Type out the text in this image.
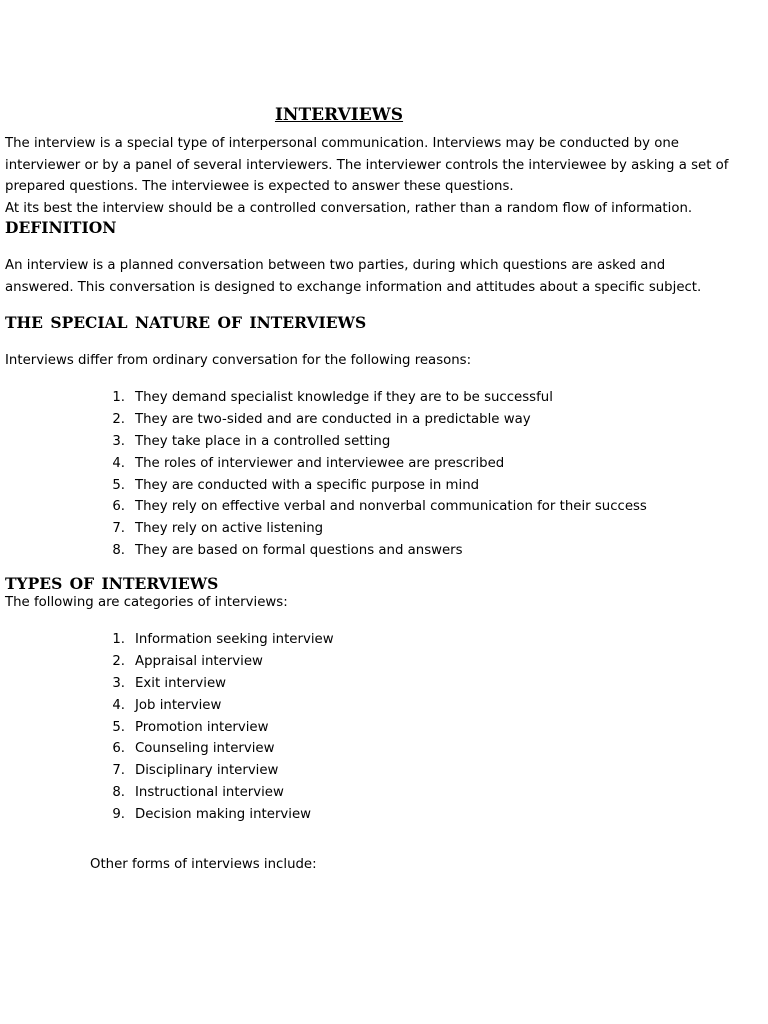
INTERVIEWS

The interview is a special type of interpersonal communication. Interviews may be conducted by one
interviewer or by a panel of several interviewers. The interviewer controls the interviewee by asking a set of
prepared questions. The interviewee is expected to answer these questions.
At its best the interview should be a controlled conversation, rather than a random flow of information.

DEFINITION

An interview is a planned conversation between two parties, during which questions are asked and
answered. This conversation is designed to exchange information and attitudes about a specific subject.

THE SPECIAL NATURE OF INTERVIEWS

Interviews differ from ordinary conversation for the following reasons:

1. They demand specialist knowledge if they are to be successful
2. They are two-sided and are conducted in a predictable way
3. They take place in a controlled setting
4. The roles of interviewer and interviewee are prescribed
5. They are conducted with a specific purpose in mind
6. They rely on effective verbal and nonverbal communication for their success
7. They rely on active listening
8. They are based on formal questions and answers
TYPES OF INTERVIEWS

The following are categories of interviews:

1. Information seeking interview
2. Appraisal interview
3. Exit interview
4. Job interview
5. Promotion interview
6. Counseling interview
7. Disciplinary interview
8. Instructional interview
9. Decision making interview

Other forms of interviews include:
